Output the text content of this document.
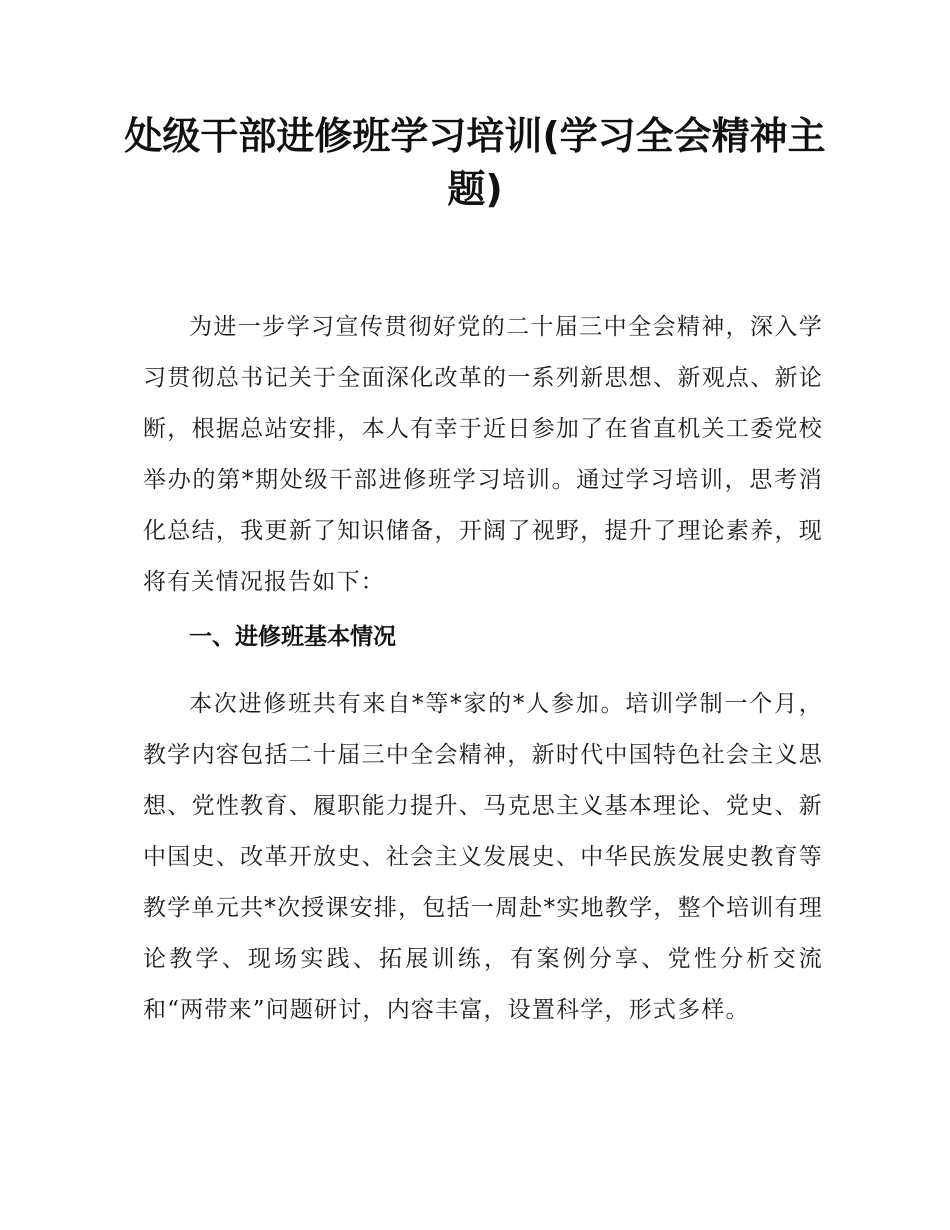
处级干部进修班学习培训(学习全会精神主题)

为进一步学习宣传贯彻好党的二十届三中全会精神，深入学习贯彻总书记关于全面深化改革的一系列新思想、新观点、新论断，根据总站安排，本人有幸于近日参加了在省直机关工委党校举办的第*期处级干部进修班学习培训。通过学习培训，思考消化总结，我更新了知识储备，开阔了视野，提升了理论素养，现将有关情况报告如下：

一、进修班基本情况

本次进修班共有来自*等*家的*人参加。培训学制一个月，教学内容包括二十届三中全会精神，新时代中国特色社会主义思想、党性教育、履职能力提升、马克思主义基本理论、党史、新中国史、改革开放史、社会主义发展史、中华民族发展史教育等教学单元共*次授课安排，包括一周赴*实地教学，整个培训有理论教学、现场实践、拓展训练，有案例分享、党性分析交流和“两带来”问题研讨，内容丰富，设置科学，形式多样。
